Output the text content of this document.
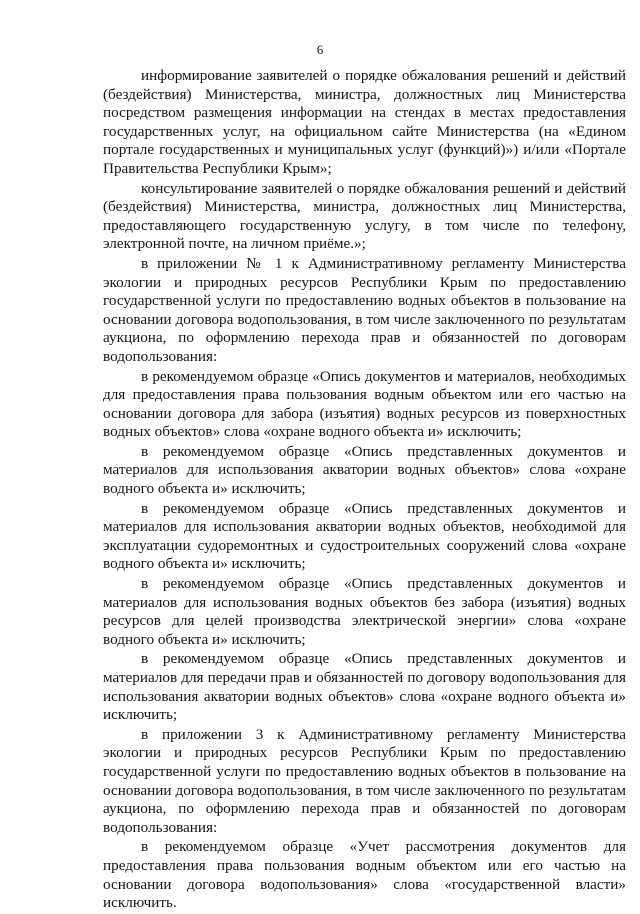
6

информирование заявителей о порядке обжалования решений и действий (бездействия) Министерства, министра, должностных лиц Министерства посредством размещения информации на стендах в местах предоставления государственных услуг, на официальном сайте Министерства (на «Едином портале государственных и муниципальных услуг (функций)») и/или «Портале Правительства Республики Крым»;

консультирование заявителей о порядке обжалования решений и действий (бездействия) Министерства, министра, должностных лиц Министерства, предоставляющего государственную услугу, в том числе по телефону, электронной почте, на личном приёме.»;

в приложении № 1 к Административному регламенту Министерства экологии и природных ресурсов Республики Крым по предоставлению государственной услуги по предоставлению водных объектов в пользование на основании договора водопользования, в том числе заключенного по результатам аукциона, по оформлению перехода прав и обязанностей по договорам водопользования:

в рекомендуемом образце «Опись документов и материалов, необходимых для предоставления права пользования водным объектом или его частью на основании договора для забора (изъятия) водных ресурсов из поверхностных водных объектов» слова «охране водного объекта и» исключить;

в рекомендуемом образце «Опись представленных документов и материалов для использования акватории водных объектов» слова «охране водного объекта и» исключить;

в рекомендуемом образце «Опись представленных документов и материалов для использования акватории водных объектов, необходимой для эксплуатации судоремонтных и судостроительных сооружений слова «охране водного объекта и» исключить;

в рекомендуемом образце «Опись представленных документов и материалов для использования водных объектов без забора (изъятия) водных ресурсов для целей производства электрической энергии» слова «охране водного объекта и» исключить;

в рекомендуемом образце «Опись представленных документов и материалов для передачи прав и обязанностей по договору водопользования для использования акватории водных объектов» слова «охране водного объекта и» исключить;

в приложении 3 к Административному регламенту Министерства экологии и природных ресурсов Республики Крым по предоставлению государственной услуги по предоставлению водных объектов в пользование на основании договора водопользования, в том числе заключенного по результатам аукциона, по оформлению перехода прав и обязанностей по договорам водопользования:

в рекомендуемом образце «Учет рассмотрения документов для предоставления права пользования водным объектом или его частью на основании договора водопользования» слова «государственной власти» исключить.
